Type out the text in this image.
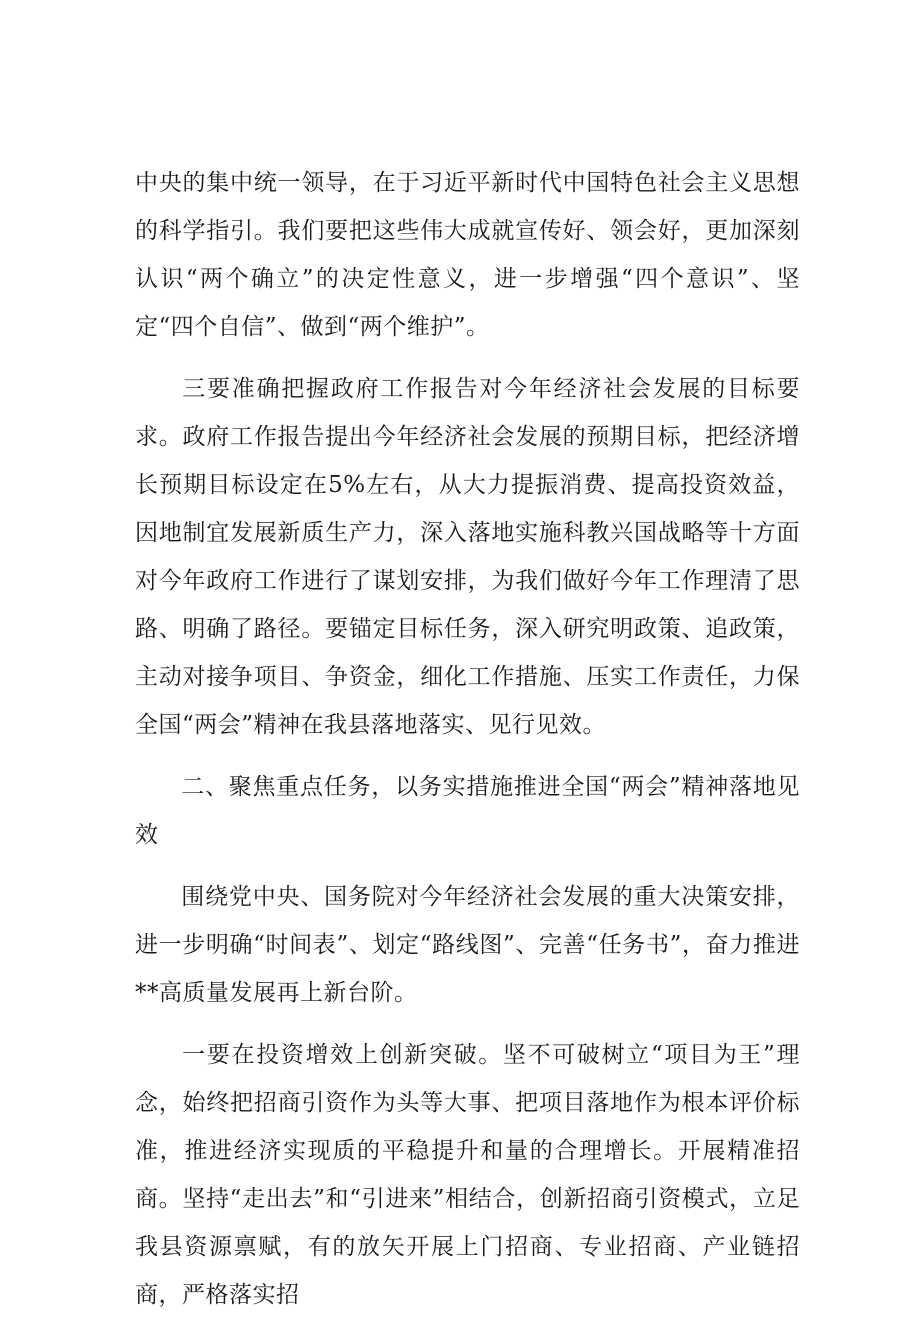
中央的集中统一领导，在于习近平新时代中国特色社会主义思想的科学指引。我们要把这些伟大成就宣传好、领会好，更加深刻认识“两个确立”的决定性意义，进一步增强“四个意识”、坚定“四个自信”、做到“两个维护”。

三要准确把握政府工作报告对今年经济社会发展的目标要求。政府工作报告提出今年经济社会发展的预期目标，把经济增长预期目标设定在5%左右，从大力提振消费、提高投资效益，因地制宜发展新质生产力，深入落地实施科教兴国战略等十方面对今年政府工作进行了谋划安排，为我们做好今年工作理清了思路、明确了路径。要锚定目标任务，深入研究明政策、追政策，主动对接争项目、争资金，细化工作措施、压实工作责任，力保全国“两会”精神在我县落地落实、见行见效。

二、聚焦重点任务，以务实措施推进全国“两会”精神落地见效

围绕党中央、国务院对今年经济社会发展的重大决策安排，进一步明确“时间表”、划定“路线图”、完善“任务书”，奋力推进**高质量发展再上新台阶。

一要在投资增效上创新突破。坚不可破树立“项目为王”理念，始终把招商引资作为头等大事、把项目落地作为根本评价标准，推进经济实现质的平稳提升和量的合理增长。开展精准招商。坚持“走出去”和“引进来”相结合，创新招商引资模式，立足我县资源禀赋，有的放矢开展上门招商、专业招商、产业链招商，严格落实招
